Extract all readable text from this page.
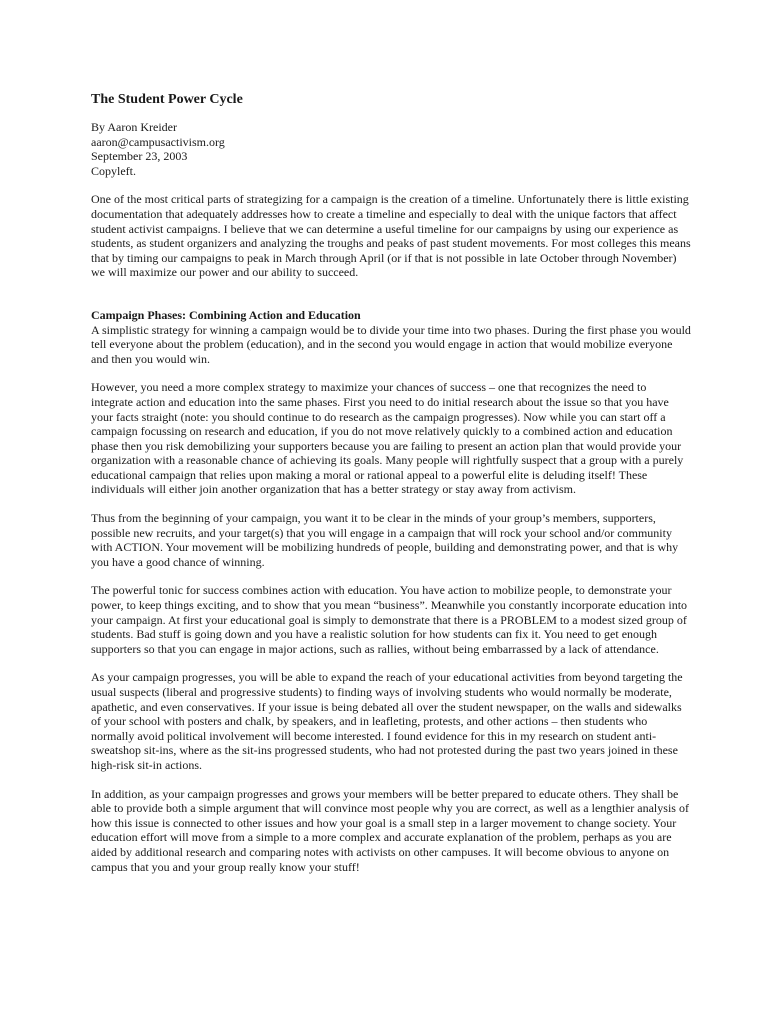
The Student Power Cycle

By Aaron Kreider

aaron@campusactivism.org

September 23, 2003

Copyleft.

One of the most critical parts of strategizing for a campaign is the creation of a timeline. Unfortunately there is little existing documentation that adequately addresses how to create a timeline and especially to deal with the unique factors that affect student activist campaigns. I believe that we can determine a useful timeline for our campaigns by using our experience as students, as student organizers and analyzing the troughs and peaks of past student movements. For most colleges this means that by timing our campaigns to peak in March through April (or if that is not possible in late October through November) we will maximize our power and our ability to succeed.

Campaign Phases: Combining Action and Education

A simplistic strategy for winning a campaign would be to divide your time into two phases. During the first phase you would tell everyone about the problem (education), and in the second you would engage in action that would mobilize everyone and then you would win.

However, you need a more complex strategy to maximize your chances of success – one that recognizes the need to integrate action and education into the same phases. First you need to do initial research about the issue so that you have your facts straight (note: you should continue to do research as the campaign progresses). Now while you can start off a campaign focussing on research and education, if you do not move relatively quickly to a combined action and education phase then you risk demobilizing your supporters because you are failing to present an action plan that would provide your organization with a reasonable chance of achieving its goals. Many people will rightfully suspect that a group with a purely educational campaign that relies upon making a moral or rational appeal to a powerful elite is deluding itself! These individuals will either join another organization that has a better strategy or stay away from activism.

Thus from the beginning of your campaign, you want it to be clear in the minds of your group’s members, supporters, possible new recruits, and your target(s) that you will engage in a campaign that will rock your school and/or community with ACTION. Your movement will be mobilizing hundreds of people, building and demonstrating power, and that is why you have a good chance of winning.

The powerful tonic for success combines action with education. You have action to mobilize people, to demonstrate your power, to keep things exciting, and to show that you mean “business”. Meanwhile you constantly incorporate education into your campaign. At first your educational goal is simply to demonstrate that there is a PROBLEM to a modest sized group of students. Bad stuff is going down and you have a realistic solution for how students can fix it. You need to get enough supporters so that you can engage in major actions, such as rallies, without being embarrassed by a lack of attendance.

As your campaign progresses, you will be able to expand the reach of your educational activities from beyond targeting the usual suspects (liberal and progressive students) to finding ways of involving students who would normally be moderate, apathetic, and even conservatives. If your issue is being debated all over the student newspaper, on the walls and sidewalks of your school with posters and chalk, by speakers, and in leafleting, protests, and other actions – then students who normally avoid political involvement will become interested. I found evidence for this in my research on student anti-sweatshop sit-ins, where as the sit-ins progressed students, who had not protested during the past two years joined in these high-risk sit-in actions.

In addition, as your campaign progresses and grows your members will be better prepared to educate others. They shall be able to provide both a simple argument that will convince most people why you are correct, as well as a lengthier analysis of how this issue is connected to other issues and how your goal is a small step in a larger movement to change society. Your education effort will move from a simple to a more complex and accurate explanation of the problem, perhaps as you are aided by additional research and comparing notes with activists on other campuses. It will become obvious to anyone on campus that you and your group really know your stuff!
